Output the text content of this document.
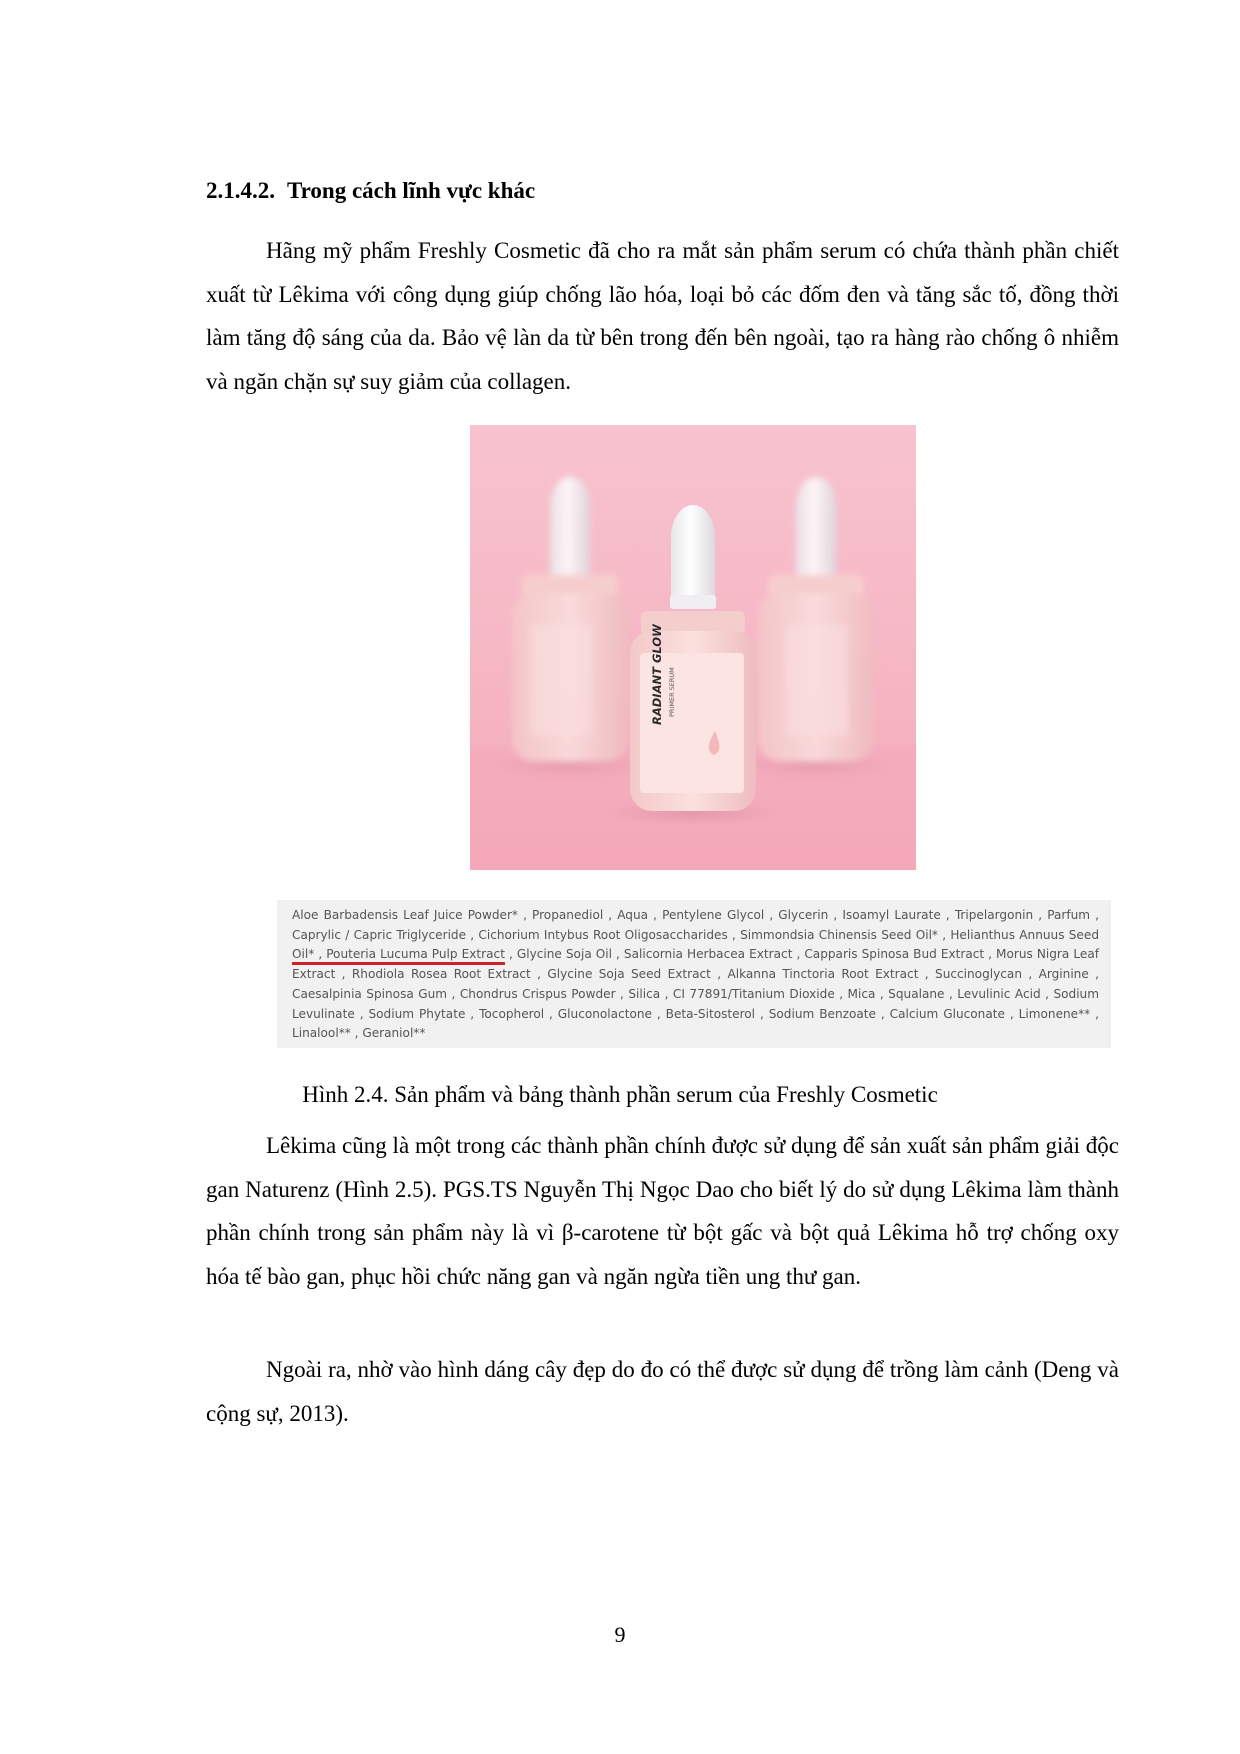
2.1.4.2. Trong cách lĩnh vực khác

Hãng mỹ phẩm Freshly Cosmetic đã cho ra mắt sản phẩm serum có chứa thành phần chiết xuất từ Lêkima với công dụng giúp chống lão hóa, loại bỏ các đốm đen và tăng sắc tố, đồng thời làm tăng độ sáng của da. Bảo vệ làn da từ bên trong đến bên ngoài, tạo ra hàng rào chống ô nhiễm và ngăn chặn sự suy giảm của collagen.

RADIANT GLOW PRIMER SERUM
Aloe Barbadensis Leaf Juice Powder* , Propanediol , Aqua , Pentylene Glycol , Glycerin , Isoamyl Laurate , Tripelargonin , Parfum , Caprylic / Capric Triglyceride , Cichorium Intybus Root Oligosaccharides , Simmondsia Chinensis Seed Oil* , Helianthus Annuus Seed Oil* , Pouteria Lucuma Pulp Extract , Glycine Soja Oil , Salicornia Herbacea Extract , Capparis Spinosa Bud Extract , Morus Nigra Leaf Extract , Rhodiola Rosea Root Extract , Glycine Soja Seed Extract , Alkanna Tinctoria Root Extract , Succinoglycan , Arginine , Caesalpinia Spinosa Gum , Chondrus Crispus Powder , Silica , CI 77891/Titanium Dioxide , Mica , Squalane , Levulinic Acid , Sodium Levulinate , Sodium Phytate , Tocopherol , Gluconolactone , Beta-Sitosterol , Sodium Benzoate , Calcium Gluconate , Limonene** , Linalool** , Geraniol**

Hình 2.4. Sản phẩm và bảng thành phần serum của Freshly Cosmetic

Lêkima cũng là một trong các thành phần chính được sử dụng để sản xuất sản phẩm giải độc gan Naturenz (Hình 2.5). PGS.TS Nguyễn Thị Ngọc Dao cho biết lý do sử dụng Lêkima làm thành phần chính trong sản phẩm này là vì β-carotene từ bột gấc và bột quả Lêkima hỗ trợ chống oxy hóa tế bào gan, phục hồi chức năng gan và ngăn ngừa tiền ung thư gan.

Ngoài ra, nhờ vào hình dáng cây đẹp do đo có thể được sử dụng để trồng làm cảnh (Deng và cộng sự, 2013).

9
